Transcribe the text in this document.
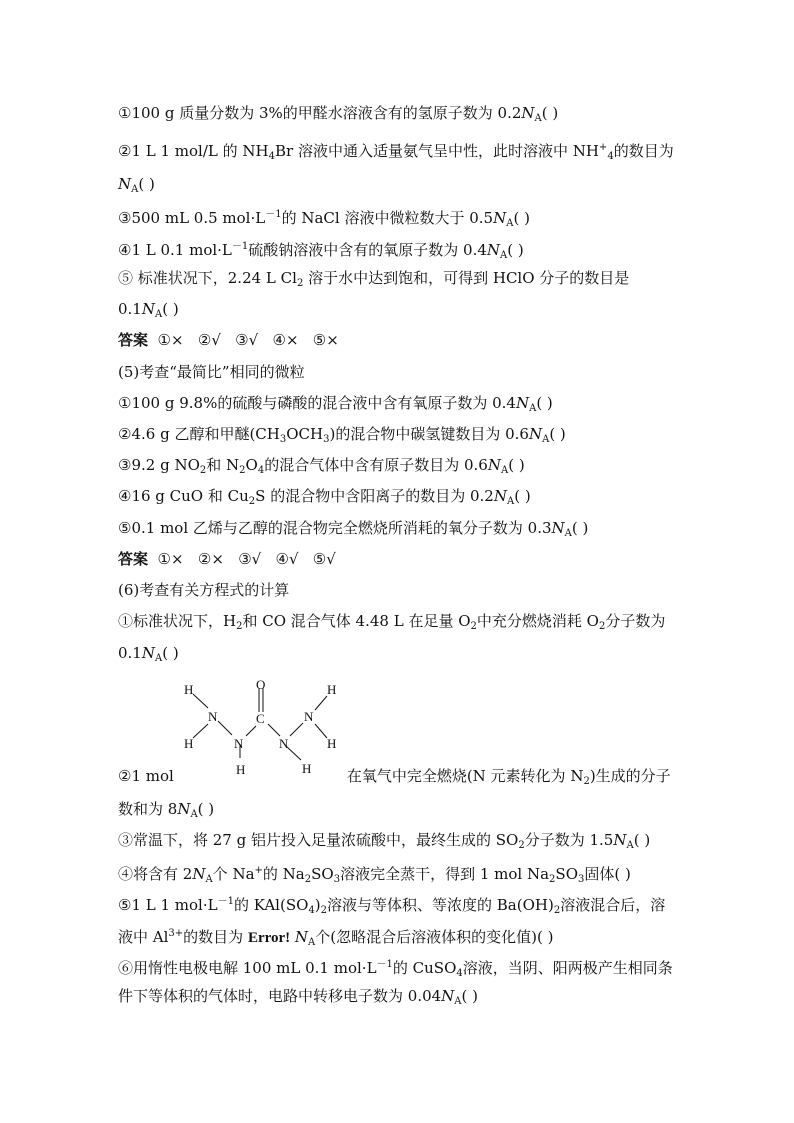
①100 g 质量分数为 3%的甲醛水溶液含有的氢原子数为 $0.2N_A$( )
②1 L 1 mol/L 的 $NH_4Br$ 溶液中通入适量氨气呈中性，此时溶液中 $NH^+_4$的数目为
$N_A$( )
③500 mL 0.5 $mol\cdot L^{-1}$的 NaCl 溶液中微粒数大于 $0.5N_A$( )
④1 L 0.1 $mol\cdot L^{-1}$硫酸钠溶液中含有的氧原子数为 $0.4N_A$( )
⑤ 标准状况下，2.24 L $Cl_2$ 溶于水中达到饱和，可得到 HClO 分子的数目是
$0.1N_A$( )
答案  ①×   ②√   ③√   ④×   ⑤×
(5)考查“最简比”相同的微粒
①100 g 9.8%的硫酸与磷酸的混合液中含有氧原子数为 $0.4N_A$( )
②4.6 g 乙醇和甲醚$(CH_3OCH_3)$的混合物中碳氢键数目为 $0.6N_A$( )
③9.2 g $NO_2$和 $N_2O_4$的混合气体中含有原子数目为 $0.6N_A$( )
④16 g CuO 和 $Cu_2S$ 的混合物中含阳离子的数目为 $0.2N_A$( )
⑤0.1 mol 乙烯与乙醇的混合物完全燃烧所消耗的氧分子数为 $0.3N_A$( )
答案  ①×   ②×   ③√   ④√   ⑤√
(6)考查有关方程式的计算
①标准状况下，$H_2$和 CO 混合气体 4.48 L 在足量 $O_2$中充分燃烧消耗 $O_2$分子数为
$0.1N_A$( )
H
N
H	N
H
O
C
N
H
N
H
H
②1 mol	在氧气中完全燃烧(N 元素转化为 $N_2$)生成的分子
数和为 $8N_A$( )
③常温下，将 27 g 铝片投入足量浓硫酸中，最终生成的 $SO_2$分子数为 $1.5N_A$( )
④将含有 $2N_A$个 Na+的 $Na_2SO_3$溶液完全蒸干，得到 1 mol $Na_2SO_3$固体( )
⑤1 L 1 $mol\cdot L^{-1}$的 $KAl(SO_4)_2$溶液与等体积、等浓度的 $Ba(OH)_2$溶液混合后，溶
液中 $Al^{3+}$的数目为 Error! $N_A$个(忽略混合后溶液体积的变化值)( )
⑥用惰性电极电解 100 mL 0.1 $mol\cdot L^{-1}$的 CuSO$_4$溶液，当阴、阳两极产生相同条
件下等体积的气体时，电路中转移电子数为 $0.04N_A$( )
